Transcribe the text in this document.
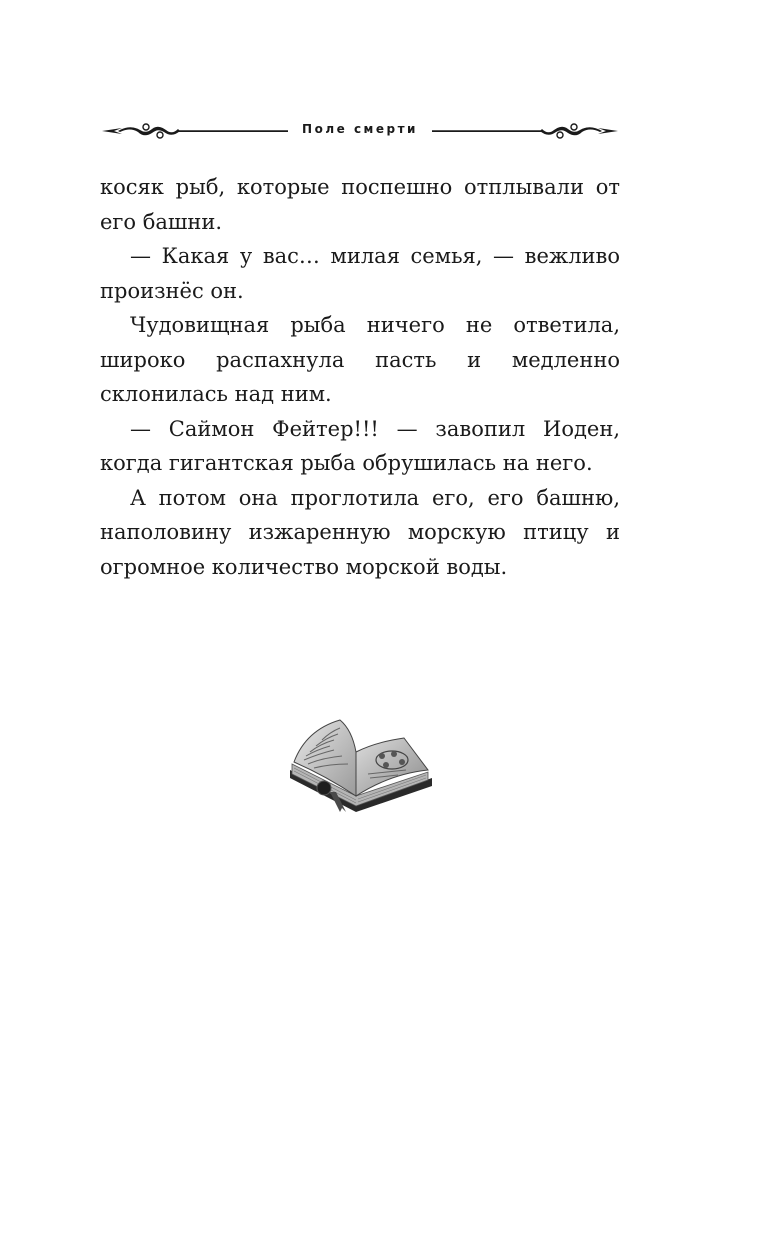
Поле смерти

косяк рыб, которые поспешно отплывали от его башни.

— Какая у вас… милая семья, — вежливо произнёс он.

Чудовищная рыба ничего не ответила, широко распахнула пасть и медленно склонилась над ним.

— Саймон Фейтер!!! — завопил Иоден, когда гигантская рыба обрушилась на него.

А потом она проглотила его, его башню, наполовину изжаренную морскую птицу и огромное количество морской воды.
